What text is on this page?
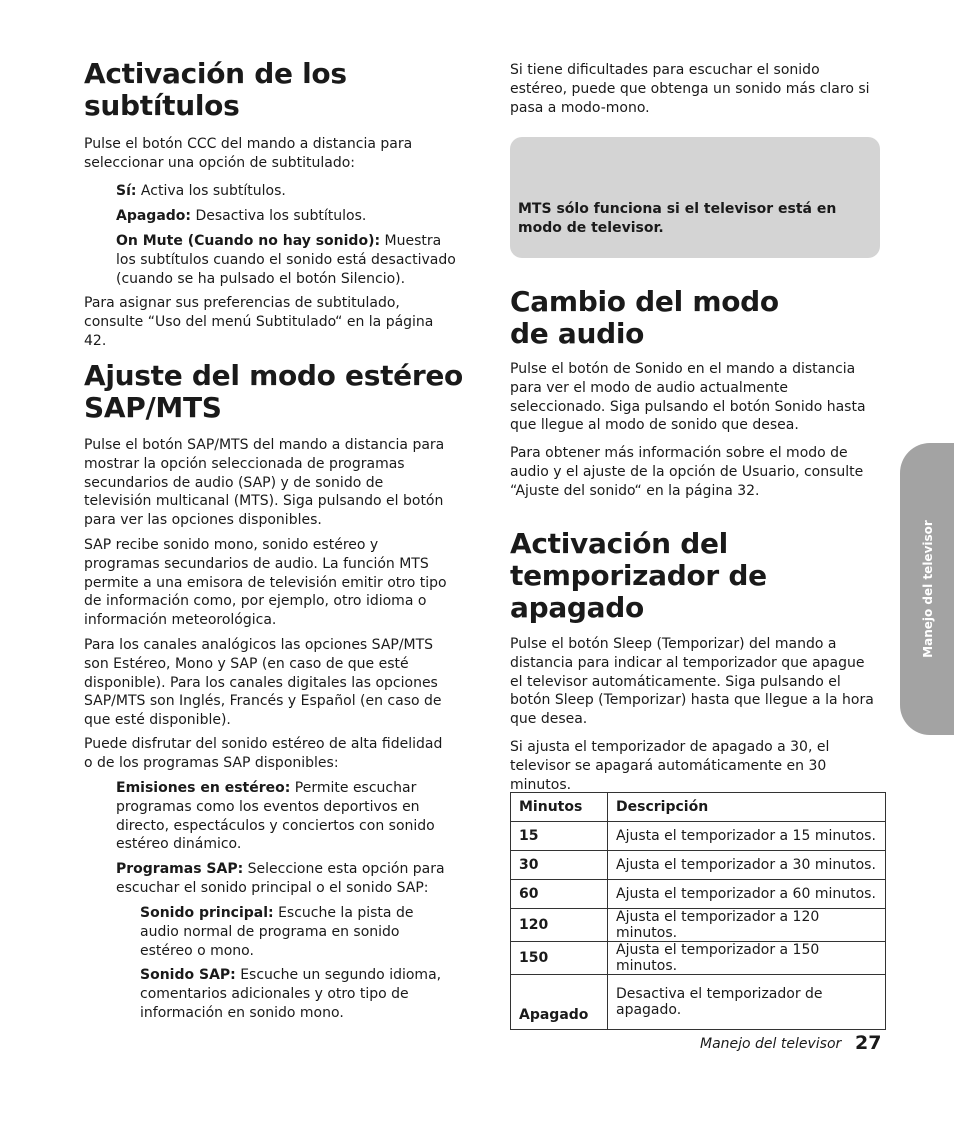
Activación de los subtítulos

Pulse el botón CCC del mando a distancia para seleccionar una opción de subtitulado:

Sí: Activa los subtítulos.

Apagado: Desactiva los subtítulos.

On Mute (Cuando no hay sonido): Muestra los subtítulos cuando el sonido está desactivado (cuando se ha pulsado el botón Silencio).

Para asignar sus preferencias de subtitulado, consulte “Uso del menú Subtitulado“ en la página 42.

Ajuste del modo estéreo SAP/MTS

Pulse el botón SAP/MTS del mando a distancia para mostrar la opción seleccionada de programas secundarios de audio (SAP) y de sonido de televisión multicanal (MTS). Siga pulsando el botón para ver las opciones disponibles.

SAP recibe sonido mono, sonido estéreo y programas secundarios de audio. La función MTS permite a una emisora de televisión emitir otro tipo de información como, por ejemplo, otro idioma o información meteorológica.

Para los canales analógicos las opciones SAP/MTS son Estéreo, Mono y SAP (en caso de que esté disponible). Para los canales digitales las opciones SAP/MTS son Inglés, Francés y Español (en caso de que esté disponible).

Puede disfrutar del sonido estéreo de alta fidelidad o de los programas SAP disponibles:

Emisiones en estéreo: Permite escuchar programas como los eventos deportivos en directo, espectáculos y conciertos con sonido estéreo dinámico.

Programas SAP: Seleccione esta opción para escuchar el sonido principal o el sonido SAP:

Sonido principal: Escuche la pista de audio normal de programa en sonido estéreo o mono.

Sonido SAP: Escuche un segundo idioma, comentarios adicionales y otro tipo de información en sonido mono.

Si tiene dificultades para escuchar el sonido estéreo, puede que obtenga un sonido más claro si pasa a modo-mono.

MTS sólo funciona si el televisor está en modo de televisor.

Cambio del modo de audio

Pulse el botón de Sonido en el mando a distancia para ver el modo de audio actualmente seleccionado. Siga pulsando el botón Sonido hasta que llegue al modo de sonido que desea.

Para obtener más información sobre el modo de audio y el ajuste de la opción de Usuario, consulte “Ajuste del sonido“ en la página 32.

Activación del temporizador de apagado

Pulse el botón Sleep (Temporizar) del mando a distancia para indicar al temporizador que apague el televisor automáticamente. Siga pulsando el botón Sleep (Temporizar) hasta que llegue a la hora que desea.

Si ajusta el temporizador de apagado a 30, el televisor se apagará automáticamente en 30 minutos.

Minutos	Descripción
15	Ajusta el temporizador a 15 minutos.
30	Ajusta el temporizador a 30 minutos.
60	Ajusta el temporizador a 60 minutos.
120	Ajusta el temporizador a 120 minutos.
150	Ajusta el temporizador a 150 minutos.
Apagado	Desactiva el temporizador de apagado.
Manejo del televisor
Manejo del televisor 27
